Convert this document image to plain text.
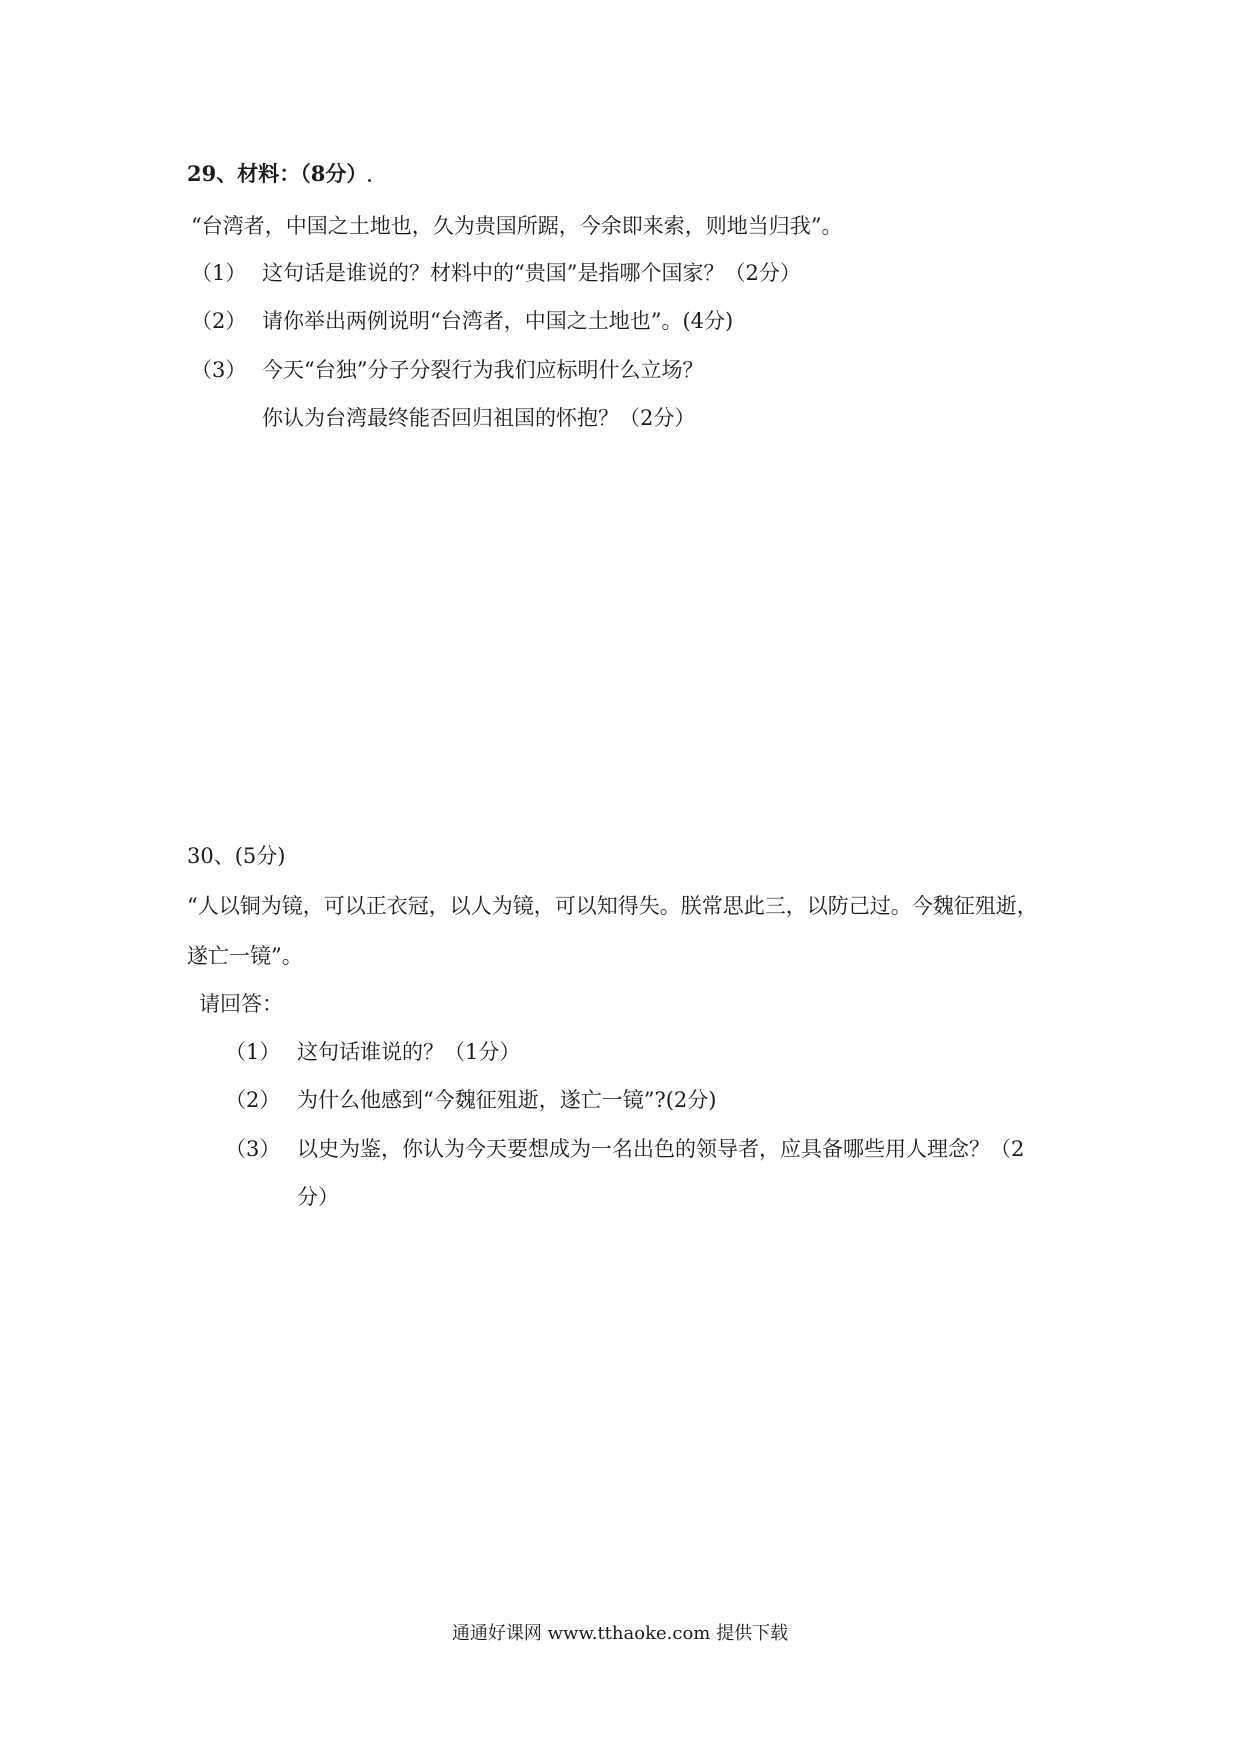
29、材料：（8分）
“台湾者，中国之土地也，久为贵国所踞，今余即来索，则地当归我”。
（1） 这句话是谁说的？材料中的“贵国”是指哪个国家？（2分）
（2） 请你举出两例说明“台湾者，中国之土地也”。(4分)
（3） 今天“台独”分子分裂行为我们应标明什么立场？
你认为台湾最终能否回归祖国的怀抱？（2分）
30、(5分)
“人以铜为镜，可以正衣冠，以人为镜，可以知得失。朕常思此三，以防己过。今魏征殂逝，
遂亡一镜”。
请回答：
（1） 这句话谁说的？（1分）
（2） 为什么他感到“今魏征殂逝，遂亡一镜”?(2分)
（3） 以史为鉴，你认为今天要想成为一名出色的领导者，应具备哪些用人理念？（2
分）
通通好课网 www.tthaoke.com 提供下载
